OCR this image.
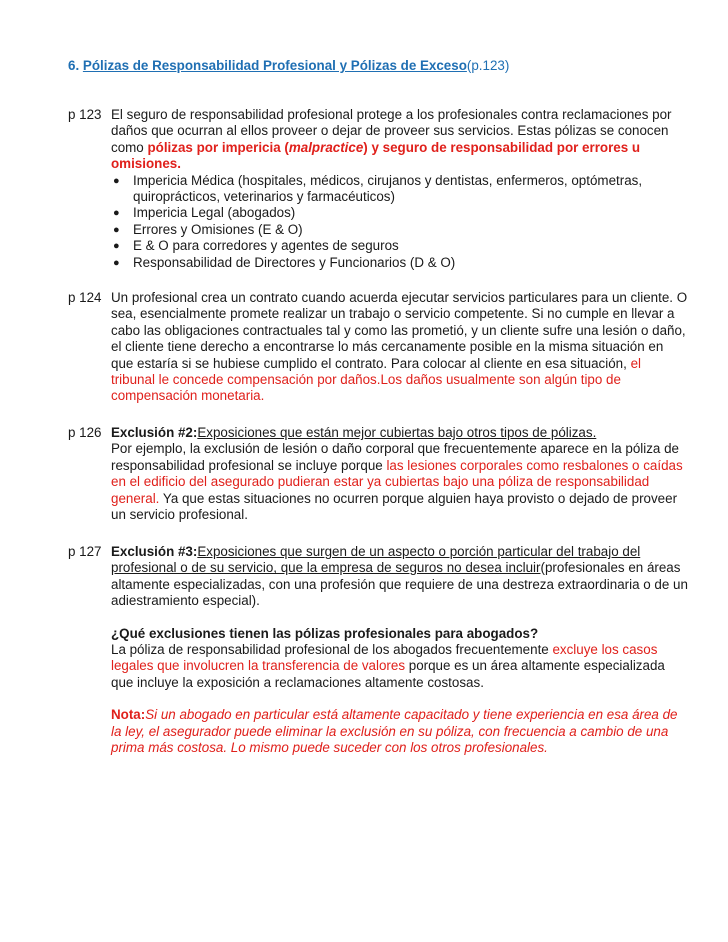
6. Pólizas de Responsabilidad Profesional y Pólizas de Exceso(p.123)
p 123 El seguro de responsabilidad profesional protege a los profesionales contra reclamaciones por daños que ocurran al ellos proveer o dejar de proveer sus servicios. Estas pólizas se conocen como pólizas por impericia (malpractice) y seguro de responsabilidad por errores u omisiones.
● Impericia Médica (hospitales, médicos, cirujanos y dentistas, enfermeros, optómetras, quiroprácticos, veterinarios y farmacéuticos)
● Impericia Legal (abogados)
● Errores y Omisiones (E & O)
● E & O para corredores y agentes de seguros
● Responsabilidad de Directores y Funcionarios (D & O)
p 124 Un profesional crea un contrato cuando acuerda ejecutar servicios particulares para un cliente. O sea, esencialmente promete realizar un trabajo o servicio competente. Si no cumple en llevar a cabo las obligaciones contractuales tal y como las prometió, y un cliente sufre una lesión o daño, el cliente tiene derecho a encontrarse lo más cercanamente posible en la misma situación en que estaría si se hubiese cumplido el contrato. Para colocar al cliente en esa situación, el tribunal le concede compensación por daños.Los daños usualmente son algún tipo de compensación monetaria.
p 126 Exclusión #2:Exposiciones que están mejor cubiertas bajo otros tipos de pólizas.
Por ejemplo, la exclusión de lesión o daño corporal que frecuentemente aparece en la póliza de responsabilidad profesional se incluye porque las lesiones corporales como resbalones o caídas en el edificio del asegurado pudieran estar ya cubiertas bajo una póliza de responsabilidad general. Ya que estas situaciones no ocurren porque alguien haya provisto o dejado de proveer un servicio profesional.
p 127 Exclusión #3:Exposiciones que surgen de un aspecto o porción particular del trabajo del profesional o de su servicio, que la empresa de seguros no desea incluir(profesionales en áreas altamente especializadas, con una profesión que requiere de una destreza extraordinaria o de un adiestramiento especial).
¿Qué exclusiones tienen las pólizas profesionales para abogados?
La póliza de responsabilidad profesional de los abogados frecuentemente excluye los casos legales que involucren la transferencia de valores porque es un área altamente especializada que incluye la exposición a reclamaciones altamente costosas.
Nota:Si un abogado en particular está altamente capacitado y tiene experiencia en esa área de la ley, el asegurador puede eliminar la exclusión en su póliza, con frecuencia a cambio de una prima más costosa. Lo mismo puede suceder con los otros profesionales.
